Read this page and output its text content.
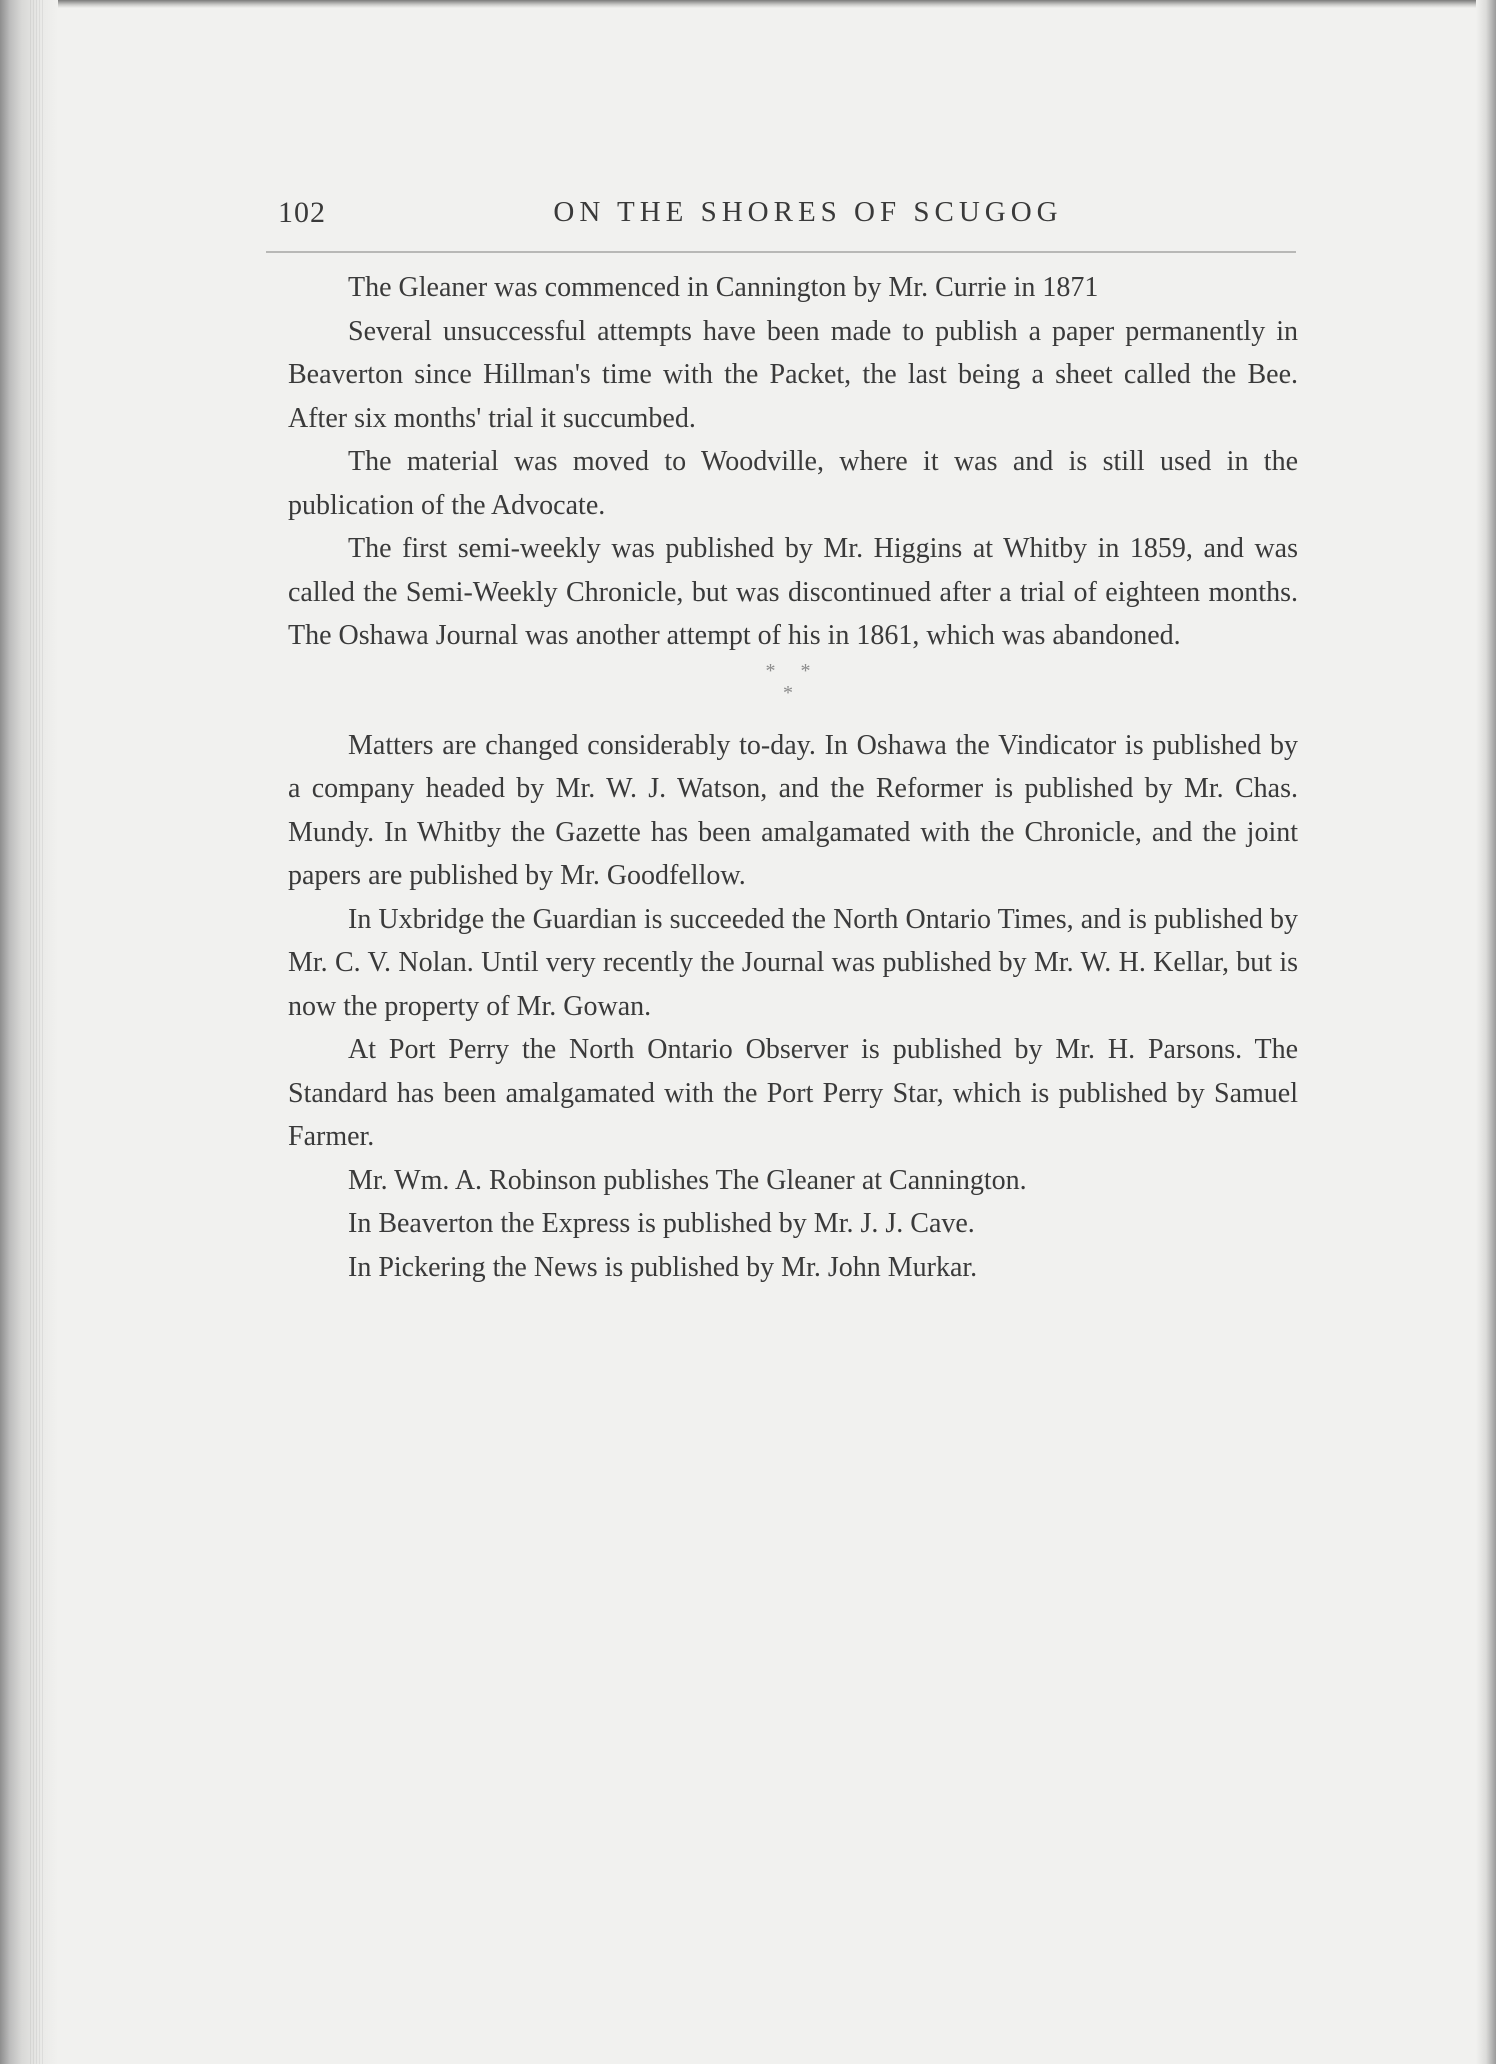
102	ON THE SHORES OF SCUGOG

The Gleaner was commenced in Cannington by Mr. Currie in 1871

Several unsuccessful attempts have been made to publish a paper permanently in Beaverton since Hillman's time with the Packet, the last being a sheet called the Bee. After six months' trial it succumbed.

The material was moved to Woodville, where it was and is still used in the publication of the Advocate.

The first semi-weekly was published by Mr. Higgins at Whitby in 1859, and was called the Semi-Weekly Chronicle, but was discontinued after a trial of eighteen months. The Oshawa Journal was another attempt of his in 1861, which was abandoned.

* *
*

Matters are changed considerably to-day. In Oshawa the Vindicator is published by a company headed by Mr. W. J. Watson, and the Reformer is published by Mr. Chas. Mundy. In Whitby the Gazette has been amalgamated with the Chronicle, and the joint papers are published by Mr. Goodfellow.

In Uxbridge the Guardian is succeeded the North Ontario Times, and is published by Mr. C. V. Nolan. Until very recently the Journal was published by Mr. W. H. Kellar, but is now the property of Mr. Gowan.

At Port Perry the North Ontario Observer is published by Mr. H. Parsons. The Standard has been amalgamated with the Port Perry Star, which is published by Samuel Farmer.

Mr. Wm. A. Robinson publishes The Gleaner at Cannington.

In Beaverton the Express is published by Mr. J. J. Cave.

In Pickering the News is published by Mr. John Murkar.
